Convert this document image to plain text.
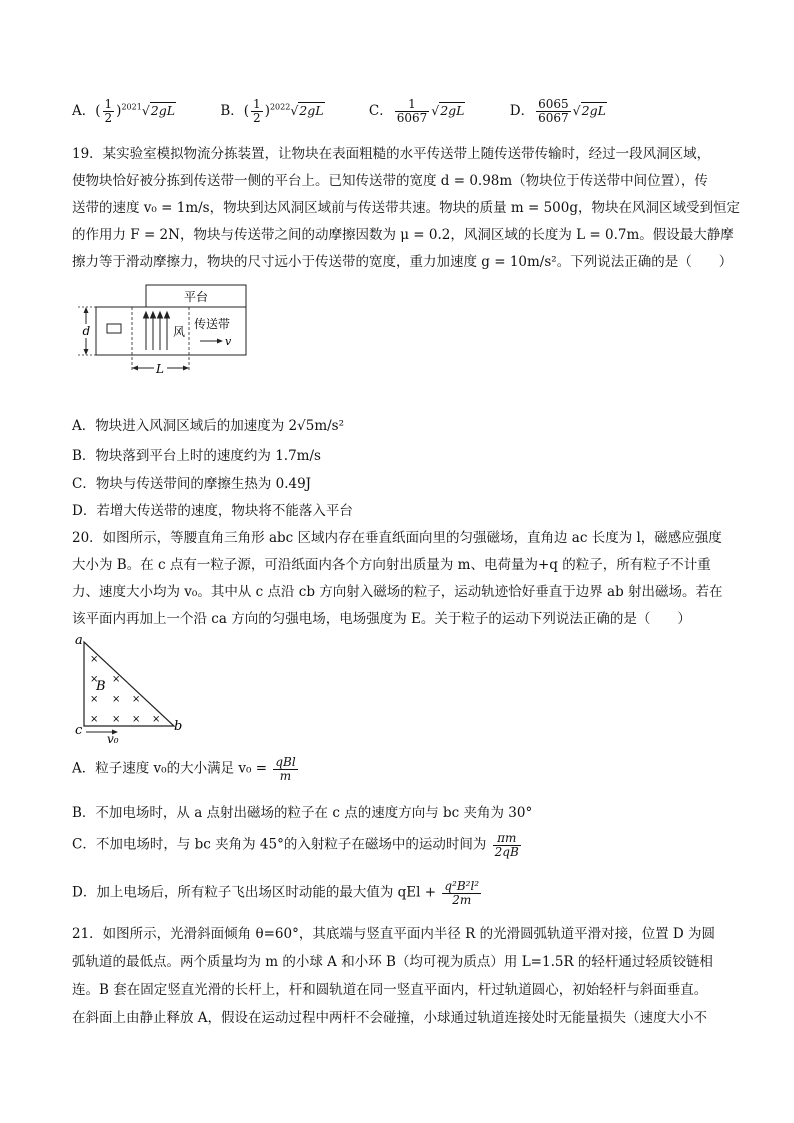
A．( $\frac{1}{2} )^{2021}√2gL$	B．( $\frac{1}{2} )^{2022}√2gL$	C． $\frac{1}{6067} √2gL$	D． $\frac{6065}{6067} √2gL$
19．某实验室模拟物流分拣装置，让物块在表面粗糙的水平传送带上随传送带传输时，经过一段风洞区域，
使物块恰好被分拣到传送带一侧的平台上。已知传送带的宽度 d = 0.98m（物块位于传送带中间位置），传
送带的速度 v₀ = 1m/s，物块到达风洞区域前与传送带共速。物块的质量 m = 500g，物块在风洞区域受到恒定
的作用力 F = 2N，物块与传送带之间的动摩擦因数为 μ = 0.2，风洞区域的长度为 L = 0.7m。假设最大静摩
擦力等于滑动摩擦力，物块的尺寸远小于传送带的宽度，重力加速度 g = 10m/s²。下列说法正确的是（　　）
平台
风
传送带
v
d
L
A．物块进入风洞区域后的加速度为 2√5m/s²
B．物块落到平台上时的速度约为 1.7m/s
C．物块与传送带间的摩擦生热为 0.49J
D．若增大传送带的速度，物块将不能落入平台
20．如图所示，等腰直角三角形 abc 区域内存在垂直纸面向里的匀强磁场，直角边 ac 长度为 l，磁感应强度
大小为 B。在 c 点有一粒子源，可沿纸面内各个方向射出质量为 m、电荷量为+q 的粒子，所有粒子不计重
力、速度大小均为 v₀。其中从 c 点沿 cb 方向射入磁场的粒子，运动轨迹恰好垂直于边界 ab 射出磁场。若在
该平面内再加上一个沿 ca 方向的匀强电场，电场强度为 E。关于粒子的运动下列说法正确的是（　　）
a
c	b
B
×
× ×
× × ×
× × × ×
v₀
A．粒子速度 v₀的大小满足 $v_0 = \frac{\text{qBl}}{m}$
B．不加电场时，从 a 点射出磁场的粒子在 c 点的速度方向与 bc 夹角为 30°
C．不加电场时，与 bc 夹角为 45°的入射粒子在磁场中的运动时间为 $\frac{\pi m}{2qB}$
D．加上电场后，所有粒子飞出场区时动能的最大值为 qEl + $\frac{\text{q²B²l²}}{2m}$
21．如图所示，光滑斜面倾角 θ=60°，其底端与竖直平面内半径 R 的光滑圆弧轨道平滑对接，位置 D 为圆
弧轨道的最低点。两个质量均为 m 的小球 A 和小环 B（均可视为质点）用 L=1.5R 的轻杆通过轻质铰链相
连。B 套在固定竖直光滑的长杆上，杆和圆轨道在同一竖直平面内，杆过轨道圆心，初始轻杆与斜面垂直。
在斜面上由静止释放 A，假设在运动过程中两杆不会碰撞，小球通过轨道连接处时无能量损失（速度大小不
